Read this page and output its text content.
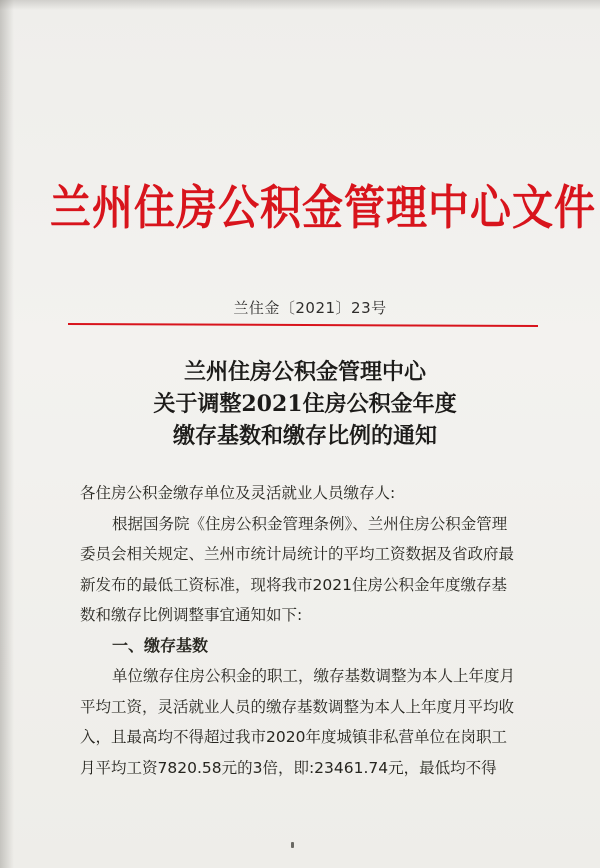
兰州住房公积金管理中心文件
兰住金〔2021〕23号
兰州住房公积金管理中心
关于调整2021住房公积金年度
缴存基数和缴存比例的通知
各住房公积金缴存单位及灵活就业人员缴存人:
根据国务院《住房公积金管理条例》、兰州住房公积金管理
委员会相关规定、兰州市统计局统计的平均工资数据及省政府最
新发布的最低工资标准，现将我市2021住房公积金年度缴存基
数和缴存比例调整事宜通知如下:
一、缴存基数
单位缴存住房公积金的职工，缴存基数调整为本人上年度月
平均工资，灵活就业人员的缴存基数调整为本人上年度月平均收
入，且最高均不得超过我市2020年度城镇非私营单位在岗职工
月平均工资7820.58元的3倍，即:23461.74元，最低均不得
